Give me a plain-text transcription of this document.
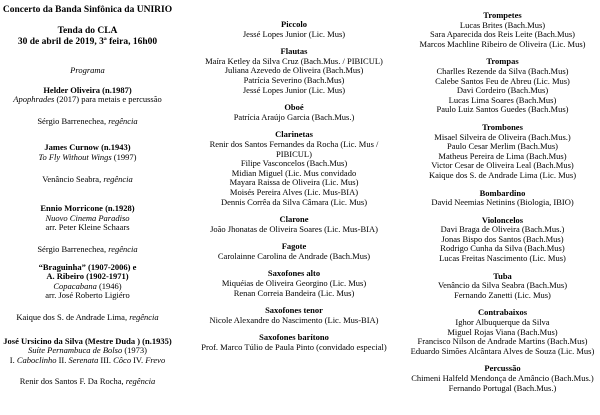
Concerto da Banda Sinfônica da UNIRIO
Tenda do CLA
30 de abril de 2019, 3ª feira, 16h00
Programa
Helder Oliveira (n.1987)
Apophrades (2017) para metais e percussão
Sérgio Barrenechea, regência
James Curnow (n.1943)
To Fly Without Wings (1997)
Venâncio Seabra, regência
Ennio Morricone (n.1928)
Nuovo Cinema Paradiso
arr. Peter Kleine Schaars
Sérgio Barrenechea, regência
“Braguinha” (1907-2006) e
A. Ribeiro (1902-1971)
Copacabana (1946)
arr. José Roberto Ligiéro
Kaique dos S. de Andrade Lima, regência
José Ursicino da Silva (Mestre Duda ) (n.1935)
Suíte Pernambuca de Bolso (1973)
I. Caboclinho II. Serenata III. Côco IV. Frevo
Renir dos Santos F. Da Rocha, regência
Piccolo
Jessé Lopes Junior (Lic. Mus)
Flautas
Maíra Ketley da Silva Cruz (Bach.Mus. / PIBICUL)
Juliana Azevedo de Oliveira (Bach.Mus)
Patrícia Severino (Bach.Mus)
Jessé Lopes Junior (Lic. Mus)
Oboé
Patrícia Araújo Garcia (Bach.Mus.)
Clarinetas
Renir dos Santos Fernandes da Rocha (Lic. Mus / PIBICUL)
Filipe Vasconcelos (Bach.Mus)
Midian Miguel (Lic. Mus convidado
Mayara Raissa de Oliveira (Lic. Mus)
Moisés Pereira Alves (Lic. Mus-BIA)
Dennis Corrêa da Silva Câmara (Lic. Mus)
Clarone
João Jhonatas de Oliveira Soares (Lic. Mus-BIA)
Fagote
Carolainne Carolina de Andrade (Bach.Mus)
Saxofones alto
Miquéias de Oliveira Georgino (Lic. Mus)
Renan Correia Bandeira (Lic. Mus)
Saxofones tenor
Nicole Alexandre do Nascimento (Lic. Mus-BIA)
Saxofones barítono
Prof. Marco Túlio de Paula Pinto (convidado especial)
Trompetes
Lucas Brites (Bach.Mus)
Sara Aparecida dos Reis Leite (Bach.Mus)
Marcos Machline Ribeiro de Oliveira (Lic. Mus)
Trompas
Charlles Rezende da Silva (Bach.Mus)
Calebe Santos Feu de Abreu (Lic. Mus)
Davi Cordeiro (Bach.Mus)
Lucas Lima Soares (Bach.Mus)
Paulo Luiz Santos Guedes (Bach.Mus)
Trombones
Misael Silveira de Oliveira (Bach.Mus.)
Paulo Cesar Merlim (Bach.Mus)
Matheus Pereira de Lima (Bach.Mus)
Victor Cesar de Oliveira Leal (Bach.Mus)
Kaique dos S. de Andrade Lima (Lic. Mus)
Bombardino
David Neemias Netinins (Biologia, IBIO)
Violoncelos
Davi Braga de Oliveira (Bach.Mus.)
Jonas Bispo dos Santos (Bach.Mus)
Rodrigo Cunha da Silva (Bach.Mus)
Lucas Freitas Nascimento (Lic. Mus)
Tuba
Venâncio da Silva Seabra (Bach.Mus)
Fernando Zanetti (Lic. Mus)
Contrabaixos
Ighor Albuquerque da Silva
Miguel Rojas Viana (Bach.Mus)
Francisco Nilson de Andrade Martins (Bach.Mus)
Eduardo Simões Alcântara Alves de Souza (Lic. Mus)
Percussão
Chimeni Halfeld Mendonça de Amâncio (Bach.Mus.)
Fernando Portugal (Bach.Mus.)
